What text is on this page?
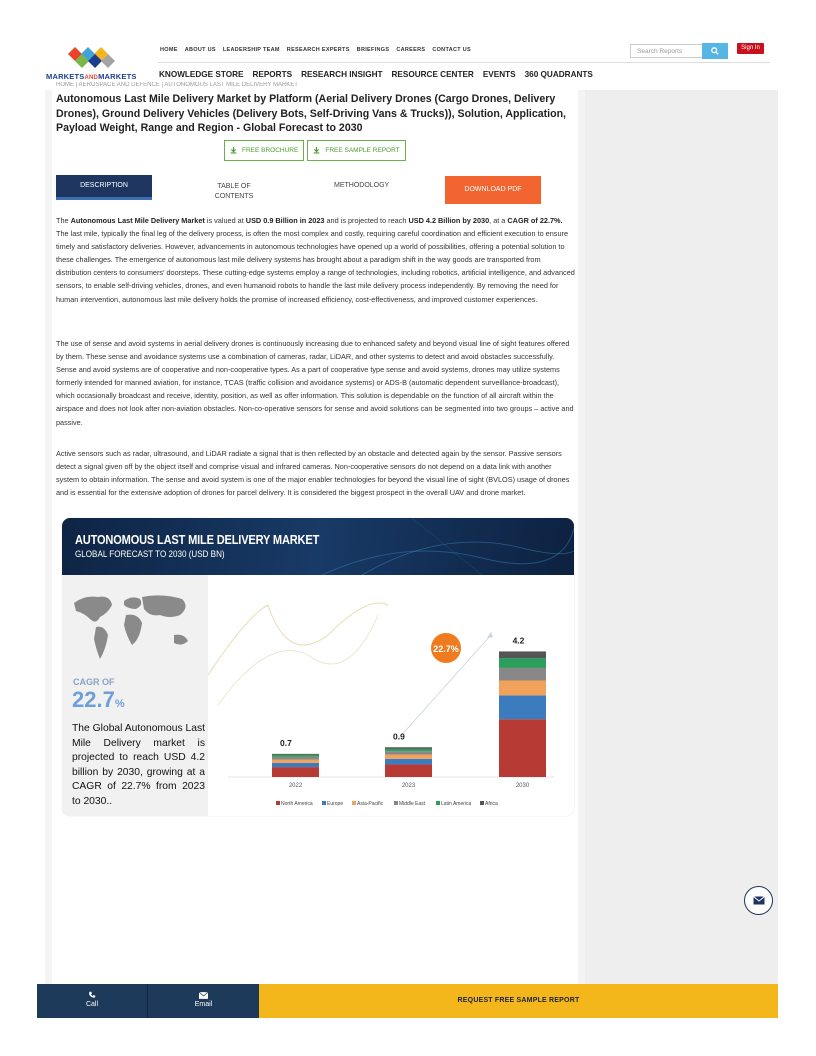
MARKETSANDMARKETS
HOME ABOUT US LEADERSHIP TEAM RESEARCH EXPERTS BRIEFINGS CAREERS CONTACT US
KNOWLEDGE STORE REPORTS RESEARCH INSIGHT RESOURCE CENTER EVENTS 360 QUADRANTS
Search Reports	Sign In
HOME | AEROSPACE AND DEFENCE | AUTONOMOUS LAST MILE DELIVERY MARKET
Autonomous Last Mile Delivery Market by Platform (Aerial Delivery Drones (Cargo Drones, Delivery Drones), Ground Delivery Vehicles (Delivery Bots, Self-Driving Vans & Trucks)), Solution, Application, Payload Weight, Range and Region - Global Forecast to 2030
FREE BROCHURE	FREE SAMPLE REPORT
DESCRIPTION	TABLE OF CONTENTS
METHODOLOGY
DOWNLOAD PDF

The Autonomous Last Mile Delivery Market is valued at USD 0.9 Billion in 2023 and is projected to reach USD 4.2 Billion by 2030, at a CAGR of 22.7%. The last mile, typically the final leg of the delivery process, is often the most complex and costly, requiring careful coordination and efficient execution to ensure timely and satisfactory deliveries. However, advancements in autonomous technologies have opened up a world of possibilities, offering a potential solution to these challenges. The emergence of autonomous last mile delivery systems has brought about a paradigm shift in the way goods are transported from distribution centers to consumers' doorsteps. These cutting-edge systems employ a range of technologies, including robotics, artificial intelligence, and advanced sensors, to enable self-driving vehicles, drones, and even humanoid robots to handle the last mile delivery process independently. By removing the need for human intervention, autonomous last mile delivery holds the promise of increased efficiency, cost-effectiveness, and improved customer experiences.

The use of sense and avoid systems in aerial delivery drones is continuously increasing due to enhanced safety and beyond visual line of sight features offered by them. These sense and avoidance systems use a combination of cameras, radar, LiDAR, and other systems to detect and avoid obstacles successfully. Sense and avoid systems are of cooperative and non-cooperative types. As a part of cooperative type sense and avoid systems, drones may utilize systems formerly intended for manned aviation, for instance, TCAS (traffic collision and avoidance systems) or ADS-B (automatic dependent surveillance-broadcast), which occasionally broadcast and receive, identity, position, as well as offer information. This solution is dependable on the function of all aircraft within the airspace and does not look after non-aviation obstacles. Non-co-operative sensors for sense and avoid solutions can be segmented into two groups – active and passive.

Active sensors such as radar, ultrasound, and LiDAR radiate a signal that is then reflected by an obstacle and detected again by the sensor. Passive sensors detect a signal given off by the object itself and comprise visual and infrared cameras. Non-cooperative sensors do not depend on a data link with another system to obtain information. The sense and avoid system is one of the major enabler technologies for beyond the visual line of sight (BVLOS) usage of drones and is essential for the extensive adoption of drones for parcel delivery. It is considered the biggest prospect in the overall UAV and drone market.

AUTONOMOUS LAST MILE DELIVERY MARKET
GLOBAL FORECAST TO 2030 (USD BN)
CAGR OF
22.7%
The Global Autonomous Last Mile Delivery market is projected to reach USD 4.2 billion by 2030, growing at a CAGR of 22.7% from 2023 to 2030..
22.7%
0.7
2022
0.9
2023
4.2
2030
North America	Europe	Asia-Pacific	Middle East	Latin America	Africa
Call	Email
REQUEST FREE SAMPLE REPORT
